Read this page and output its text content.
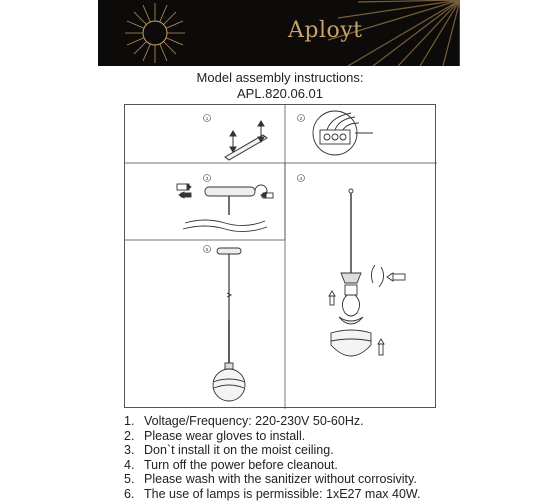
Aployt
Model assembly instructions:
APL.820.06.01
1	2
3	4
5
1. Voltage/Frequency: 220-230V 50-60Hz.
2. Please wear gloves to install.
3. Don`t install it on the moist ceiling.
4. Turn off the power before cleanout.
5. Please wash with the sanitizer without corrosivity.
6. The use of lamps is permissible: 1xE27 max 40W.
